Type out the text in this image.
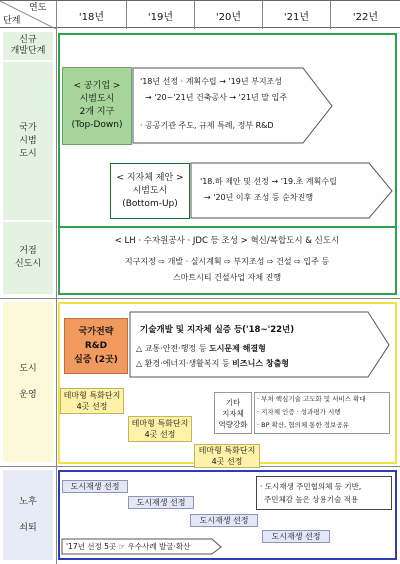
연도
단계	'18년	'19년	'20년	'21년	'22년
신규
개발단계
국가
시범
도시
거점
신도시
도시

운영
노후

쇠퇴
< 공기업 >
시범도시
2개 지구
(Top-Down)
'18년 선정 · 계획수립 → '19년 부지조성
→ '20~'21년 건축공사 → '21년 말 입주
· 공공기관 주도, 규제 특례, 정부 R&D
< 지자체 제안 >
시범도시
(Bottom-Up)
'18.하 제안 및 선정 → '19.초 계획수립
→ '20년 이후 조성 등 순차진행
< LH · 수자원공사 · JDC 등 조성 > 혁신/복합도시 & 신도시
지구지정 ⇨ 개발 · 실시계획 ⇨ 부지조성 ⇨ 건설 ⇨ 입주 등
스마트시티 건설사업 자체 진행
국가전략
R&D
실증 (2곳)
기술개발 및 지자체 실증 등('18~'22년)
△ 교통·안전·행정 등 도시문제 해결형
△ 환경·에너지·생활복지 등 비즈니스 창출형
테마형 특화단지
4곳 선정
테마형 특화단지
4곳 선정
테마형 특화단지
4곳 선정
기타
지자체
역량강화
· 부처 핵심기술 고도화 및 서비스 확대
· 지자체 인증 · 성과평가 시행
· BP 확산, 협의체 통한 정보공유
도시재생 선정
도시재생 선정
도시재생 선정
도시재생 선정
· 도시재생 주민협의체 등 기반,
주민체감 높은 상용기술 적용
'17년 선정 5곳 ☞ 우수사례 발굴·확산
